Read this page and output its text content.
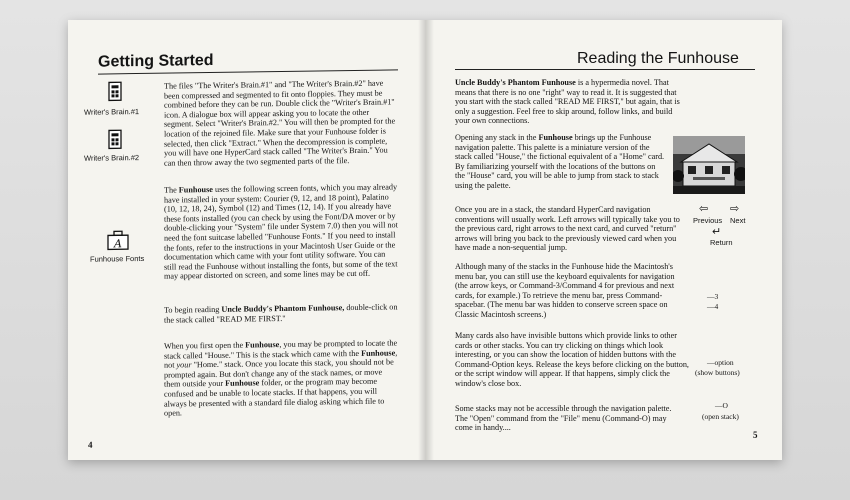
Getting Started
Writer's Brain.#1
Writer's Brain.#2
A
Funhouse Fonts
The files "The Writer's Brain.#1" and "The Writer's Brain.#2" have been compressed and segmented to fit onto floppies. They must be combined before they can be run. Double click the "Writer's Brain.#1" icon. A dialogue box will appear asking you to locate the other segment. Select "Writer's Brain.#2." You will then be prompted for the location of the rejoined file. Make sure that your Funhouse folder is selected, then click "Extract." When the decompression is complete, you will have one HyperCard stack called "The Writer's Brain." You can then throw away the two segmented parts of the file.
The Funhouse uses the following screen fonts, which you may already have installed in your system: Courier (9, 12, and 18 point), Palatino (10, 12, 18, 24), Symbol (12) and Times (12, 14). If you already have these fonts installed (you can check by using the Font/DA mover or by double-clicking your "System" file under System 7.0) then you will not need the font suitcase labelled "Funhouse Fonts." If you need to install the fonts, refer to the instructions in your Macintosh User Guide or the documentation which came with your font utility software. You can still read the Funhouse without installing the fonts, but some of the text may appear distorted on screen, and some lines may be cut off.
To begin reading Uncle Buddy's Phantom Funhouse, double-click on the stack called "READ ME FIRST."
When you first open the Funhouse, you may be prompted to locate the stack called "House." This is the stack which came with the Funhouse, not your "Home." stack. Once you locate this stack, you should not be prompted again. But don't change any of the stack names, or move them outside your Funhouse folder, or the program may become confused and be unable to locate stacks. If that happens, you will always be presented with a standard file dialog asking which file to open.
4
Reading the Funhouse
Uncle Buddy's Phantom Funhouse is a hypermedia novel. That means that there is no one "right" way to read it. It is suggested that you start with the stack called "READ ME FIRST," but again, that is only a suggestion. Feel free to skip around, follow links, and build your own connections.
Opening any stack in the Funhouse brings up the Funhouse navigation palette. This palette is a miniature version of the stack called "House," the fictional equivalent of a "Home" card. By familiarizing yourself with the locations of the buttons on the "House" card, you will be able to jump from stack to stack using the palette.
Once you are in a stack, the standard HyperCard navigation conventions will usually work. Left arrows will typically take you to the previous card, right arrows to the next card, and curved "return" arrows will bring you back to the previously viewed card when you have made a non-sequential jump.
⇦ ⇨
Previous Next
↵
Return
Although many of the stacks in the Funhouse hide the Macintosh's menu bar, you can still use the keyboard equivalents for navigation (the arrow keys, or Command-3/Command 4 for previous and next cards, for example.) To retrieve the menu bar, press Command-spacebar. (The menu bar was hidden to conserve screen space on Classic Macintosh screens.)
—3
—4
Many cards also have invisible buttons which provide links to other cards or other stacks. You can try clicking on things which look interesting, or you can show the location of hidden buttons with the Command-Option keys. Release the keys before clicking on the button, or the script window will appear. If that happens, simply click the window's close box.
—option
(show buttons)
Some stacks may not be accessible through the navigation palette. The "Open" command from the "File" menu (Command-O) may come in handy....
—O
(open stack)
5
